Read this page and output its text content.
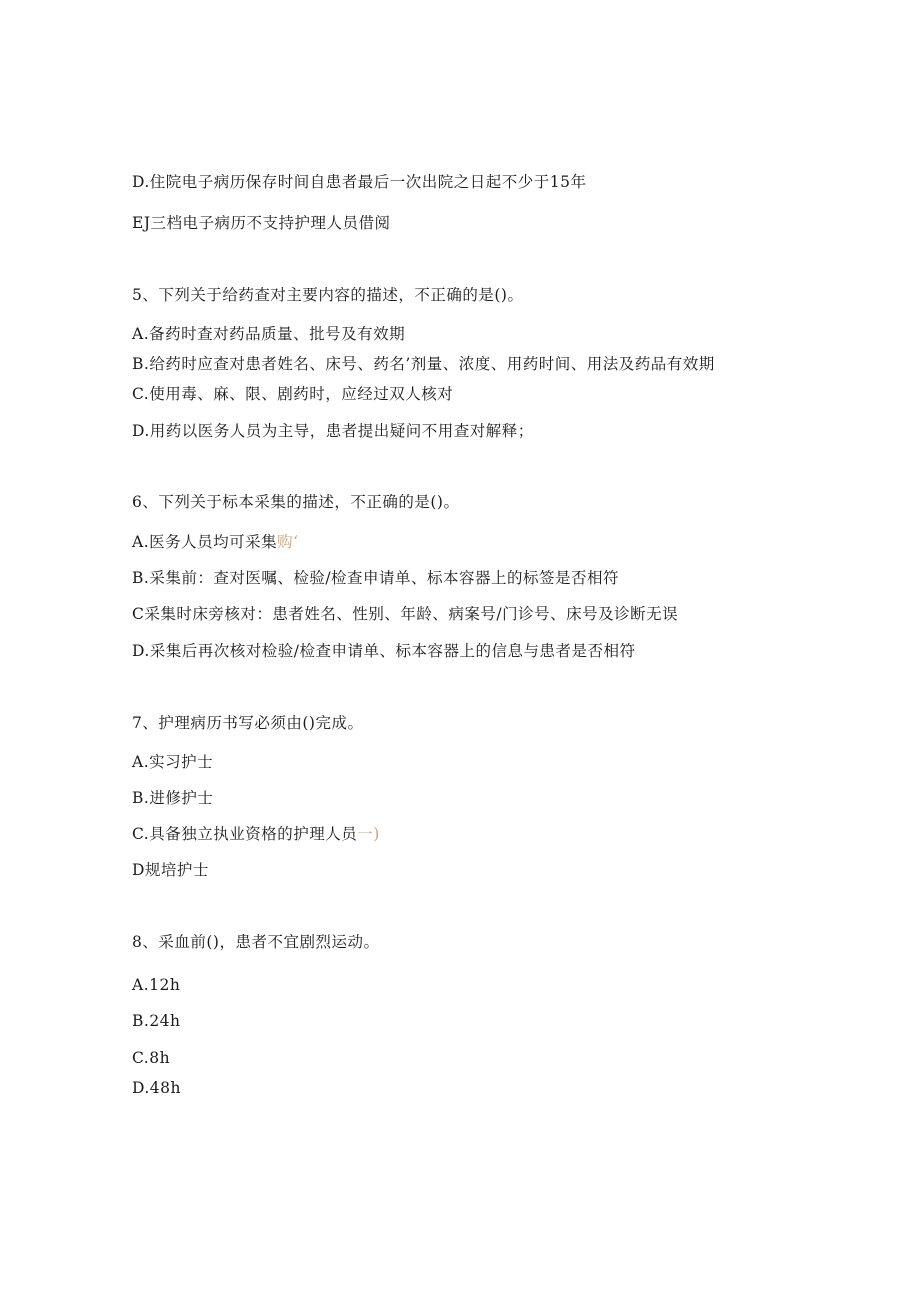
D.住院电子病历保存时间自患者最后一次出院之日起不少于15年
EJ三档电子病历不支持护理人员借阅
5、下列关于给药查对主要内容的描述，不正确的是()。
A.备药时查对药品质量、批号及有效期
B.给药时应查对患者姓名、床号、药名’剂量、浓度、用药时间、用法及药品有效期
C.使用毒、麻、限、剧药时，应经过双人核对
D.用药以医务人员为主导，患者提出疑问不用查对解释；
6、下列关于标本采集的描述，不正确的是()。
A.医务人员均可采集购‘
B.采集前：查对医嘱、检验/检查申请单、标本容器上的标签是否相符
C采集时床旁核对：患者姓名、性别、年龄、病案号/门诊号、床号及诊断无误
D.采集后再次核对检验/检查申请单、标本容器上的信息与患者是否相符
7、护理病历书写必须由()完成。
A.实习护士
B.进修护士
C.具备独立执业资格的护理人员一)
D规培护士
8、采血前()，患者不宜剧烈运动。
A.12h
B.24h
C.8h
D.48h
